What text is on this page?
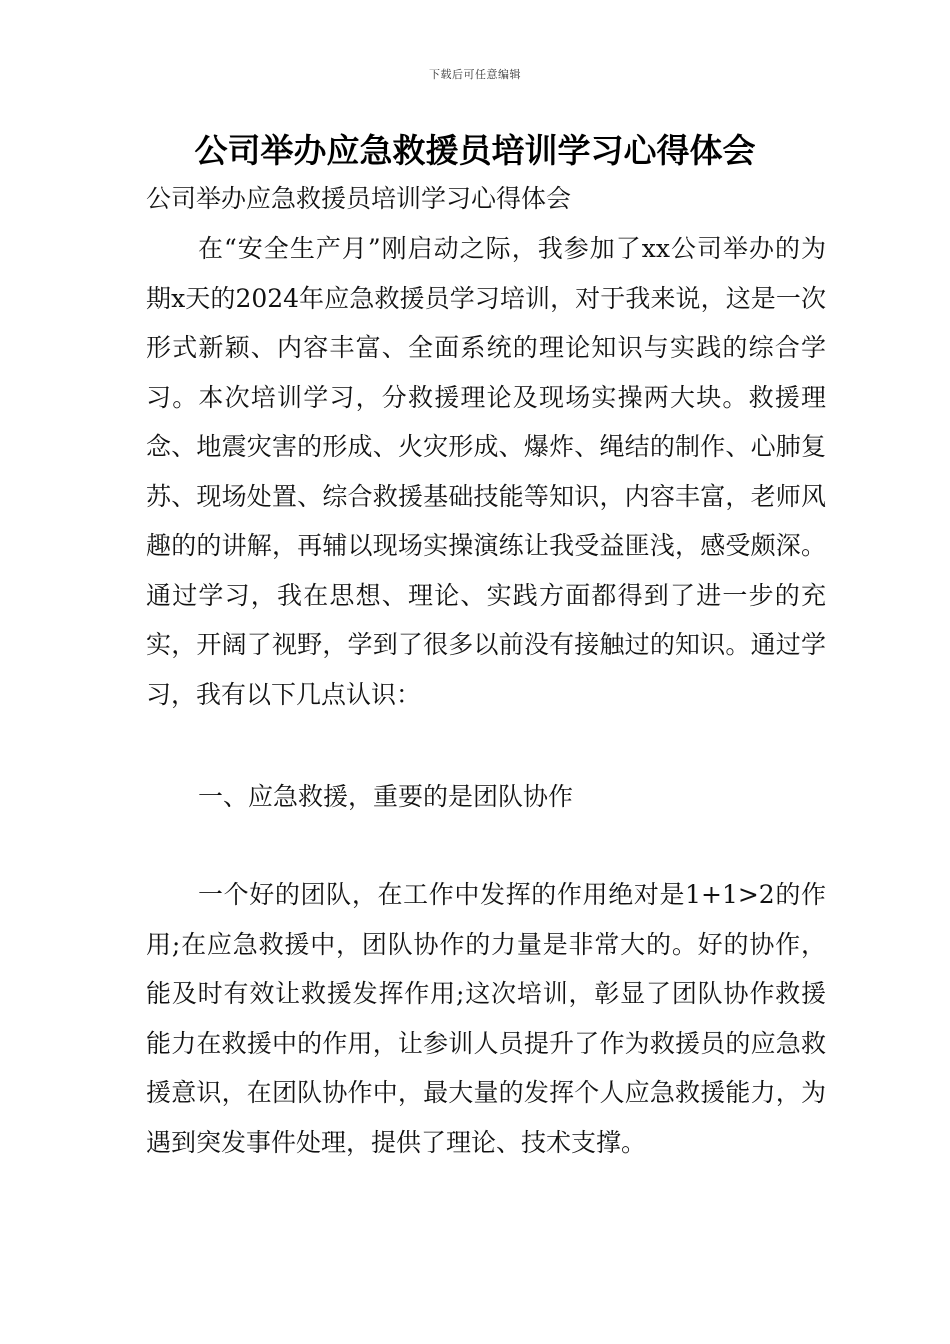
下载后可任意编辑
公司举办应急救援员培训学习心得体会

公司举办应急救援员培训学习心得体会

在“安全生产月”刚启动之际，我参加了xx公司举办的为期x天的2024年应急救援员学习培训，对于我来说，这是一次形式新颖、内容丰富、全面系统的理论知识与实践的综合学习。本次培训学习，分救援理论及现场实操两大块。救援理念、地震灾害的形成、火灾形成、爆炸、绳结的制作、心肺复苏、现场处置、综合救援基础技能等知识，内容丰富，老师风趣的的讲解，再辅以现场实操演练让我受益匪浅，感受颇深。通过学习，我在思想、理论、实践方面都得到了进一步的充实，开阔了视野，学到了很多以前没有接触过的知识。通过学习，我有以下几点认识：

一、应急救援，重要的是团队协作

一个好的团队，在工作中发挥的作用绝对是1+1>2的作用;在应急救援中，团队协作的力量是非常大的。好的协作，能及时有效让救援发挥作用;这次培训，彰显了团队协作救援能力在救援中的作用，让参训人员提升了作为救援员的应急救援意识，在团队协作中，最大量的发挥个人应急救援能力，为遇到突发事件处理，提供了理论、技术支撑。
